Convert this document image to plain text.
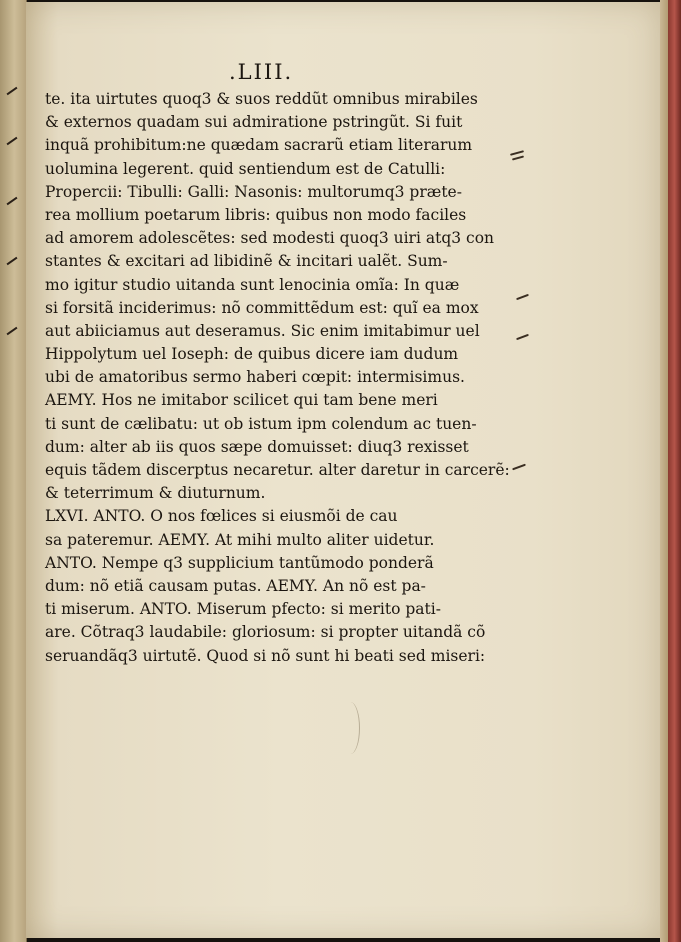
.LIII.

te. ita uirtutes quoq3 & suos reddũt omnibus mirabiles
& externos quadam sui admiratione pstringũt. Si fuit
inquã prohibitum:ne quædam sacrarũ etiam literarum
uolumina legerent. quid sentiendum est de Catulli:
Propercii: Tibulli: Galli: Nasonis: multorumq3 præte-
rea mollium poetarum libris: quibus non modo faciles
ad amorem adolescẽtes: sed modesti quoq3 uiri atq3 con
stantes & excitari ad libidinẽ & incitari ualẽt. Sum-
mo igitur studio uitanda sunt lenocinia omĩa: In quæ
si forsitã inciderimus: nõ committẽdum est: quĩ ea mox
aut abiiciamus aut deseramus. Sic enim imitabimur uel
Hippolytum uel Ioseph: de quibus dicere iam dudum
ubi de amatoribus sermo haberi cœpit: intermisimus.
AEMY. Hos ne imitabor scilicet qui tam bene meri
ti sunt de cælibatu: ut ob istum ipm colendum ac tuen-
dum: alter ab iis quos sæpe domuisset: diuq3 rexisset
equis tãdem discerptus necaretur. alter daretur in carcerẽ:
& teterrimum & diuturnum.
LXVI. ANTO. O nos fœlices si eiusmõi de cau
sa pateremur. AEMY. At mihi multo aliter uidetur.
ANTO. Nempe q3 supplicium tantũmodo ponderã
dum: nõ etiã causam putas. AEMY. An nõ est pa-
ti miserum. ANTO. Miserum pfecto: si merito pati-
are. Cõtraq3 laudabile: gloriosum: si propter uitandã cõ
seruandãq3 uirtutẽ. Quod si nõ sunt hi beati sed miseri:
